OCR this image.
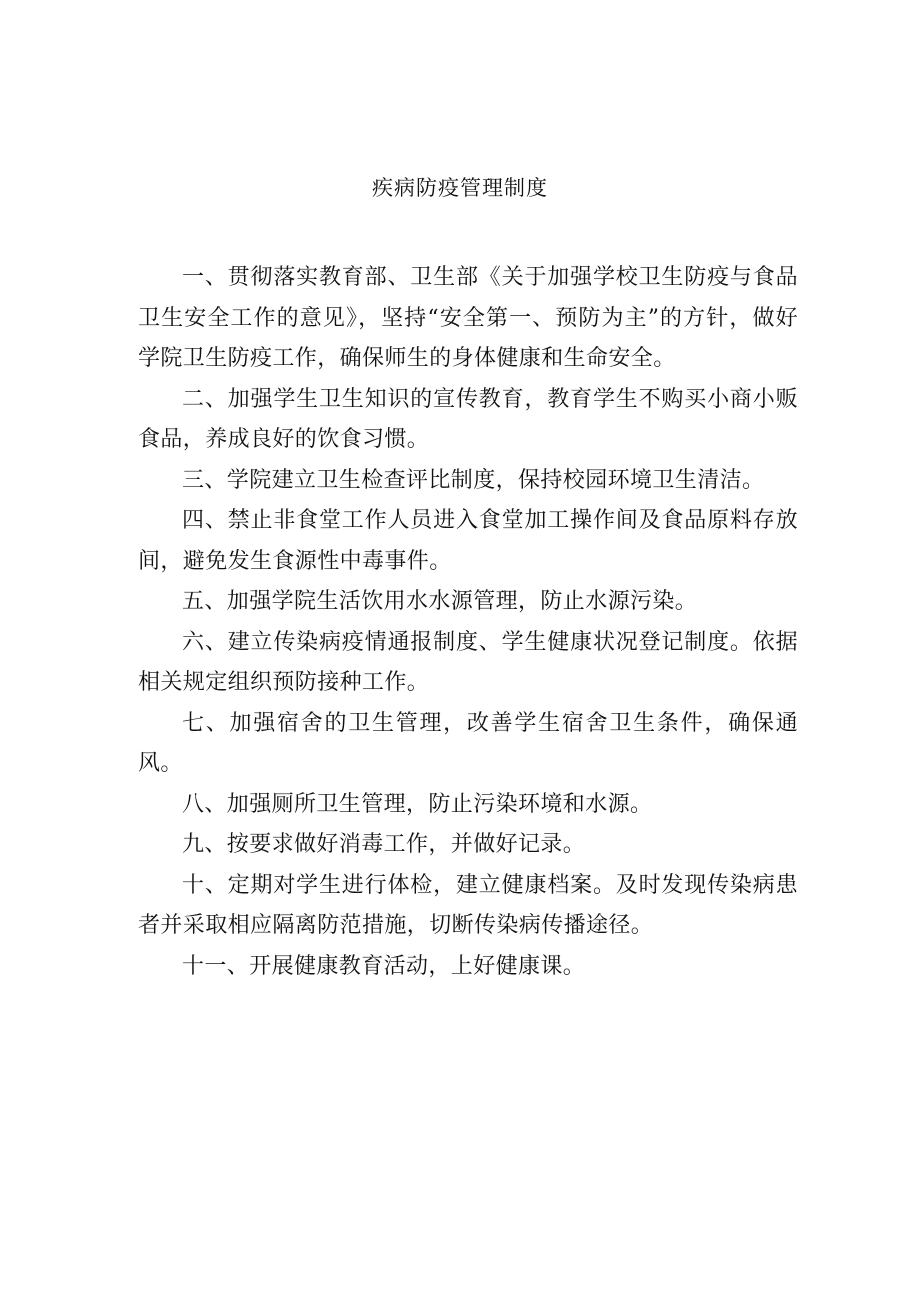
疾病防疫管理制度

一、贯彻落实教育部、卫生部《关于加强学校卫生防疫与食品卫生安全工作的意见》，坚持“安全第一、预防为主”的方针，做好学院卫生防疫工作，确保师生的身体健康和生命安全。

二、加强学生卫生知识的宣传教育，教育学生不购买小商小贩食品，养成良好的饮食习惯。

三、学院建立卫生检查评比制度，保持校园环境卫生清洁。

四、禁止非食堂工作人员进入食堂加工操作间及食品原料存放间，避免发生食源性中毒事件。

五、加强学院生活饮用水水源管理，防止水源污染。

六、建立传染病疫情通报制度、学生健康状况登记制度。依据相关规定组织预防接种工作。

七、加强宿舍的卫生管理，改善学生宿舍卫生条件，确保通风。

八、加强厕所卫生管理，防止污染环境和水源。

九、按要求做好消毒工作，并做好记录。

十、定期对学生进行体检，建立健康档案。及时发现传染病患者并采取相应隔离防范措施，切断传染病传播途径。

十一、开展健康教育活动，上好健康课。
